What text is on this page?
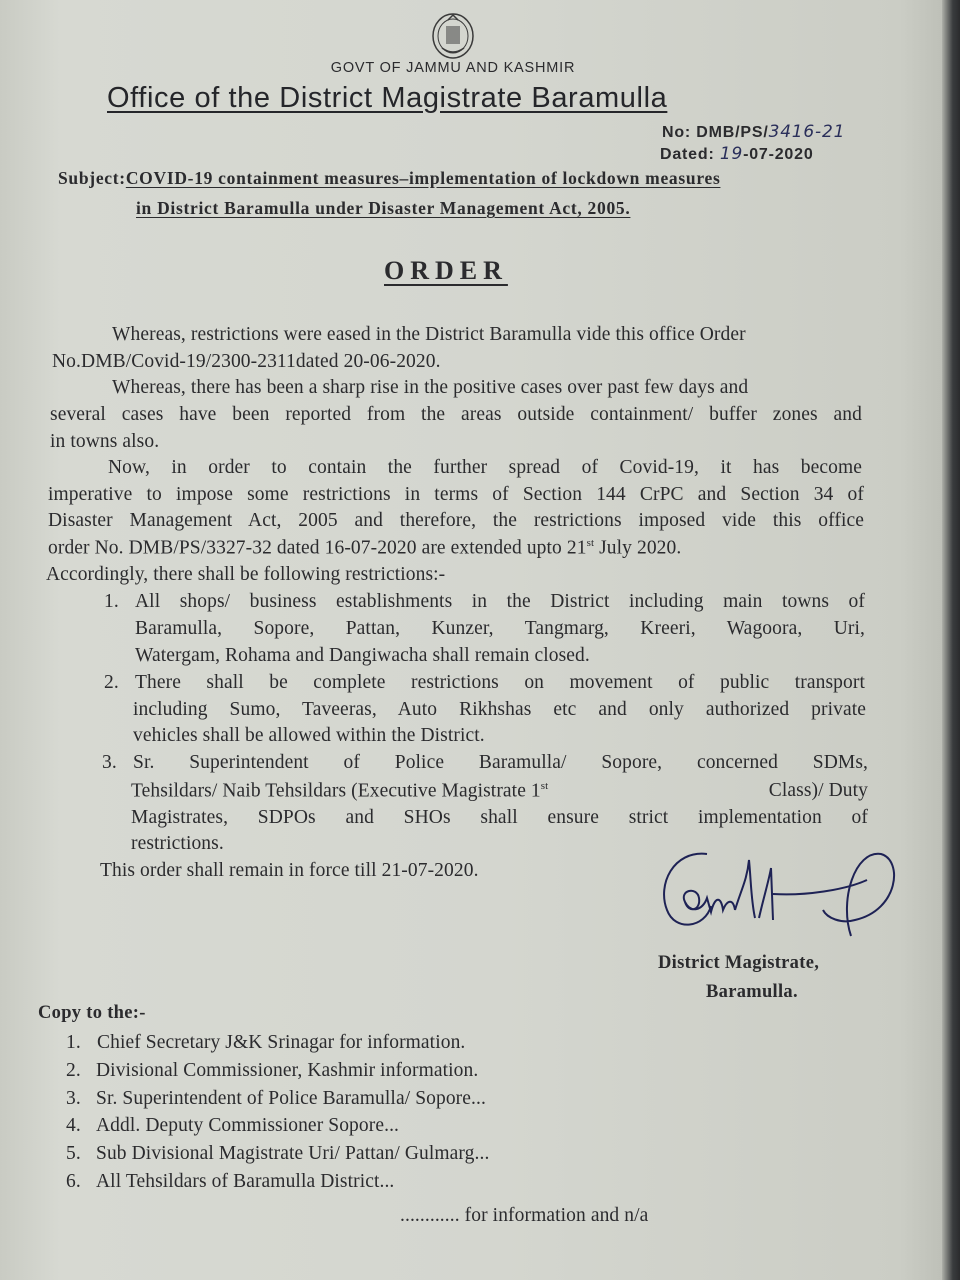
GOVT OF JAMMU AND KASHMIR
Office of the District Magistrate Baramulla
No: DMB/PS/3416-21
Dated: 19-07-2020
Subject:COVID-19 containment measures–implementation of lockdown measures
in District Baramulla under Disaster Management Act, 2005.
ORDER
Whereas, restrictions were eased in the District Baramulla vide this office Order
No.DMB/Covid-19/2300-2311dated 20-06-2020.
Whereas, there has been a sharp rise in the positive cases over past few days and
several cases have been reported from the areas outside containment/ buffer zones and
in towns also.
Now, in order to contain the further spread of Covid-19, it has become
imperative to impose some restrictions in terms of Section 144 CrPC and Section 34 of
Disaster Management Act, 2005 and therefore, the restrictions imposed vide this office
order No. DMB/PS/3327-32 dated 16-07-2020 are extended upto 21st July 2020.
Accordingly, there shall be following restrictions:-
1. All shops/ business establishments in the District including main towns of
Baramulla, Sopore, Pattan, Kunzer, Tangmarg, Kreeri, Wagoora, Uri,
Watergam, Rohama and Dangiwacha shall remain closed.
2. There shall be complete restrictions on movement of public transport
including Sumo, Taveeras, Auto Rikhshas etc and only authorized private
vehicles shall be allowed within the District.
3. Sr. Superintendent of Police Baramulla/ Sopore, concerned SDMs,
Tehsildars/ Naib Tehsildars (Executive Magistrate 1st	Class)/ Duty
Magistrates, SDPOs and SHOs shall ensure strict implementation of
restrictions.
This order shall remain in force till 21-07-2020.
District Magistrate,
Baramulla.
Copy to the:-
1. Chief Secretary J&K Srinagar for information.
2. Divisional Commissioner, Kashmir information.
3. Sr. Superintendent of Police Baramulla/ Sopore...
4. Addl. Deputy Commissioner Sopore...
5. Sub Divisional Magistrate Uri/ Pattan/ Gulmarg...
6. All Tehsildars of Baramulla District...
............ for information and n/a
